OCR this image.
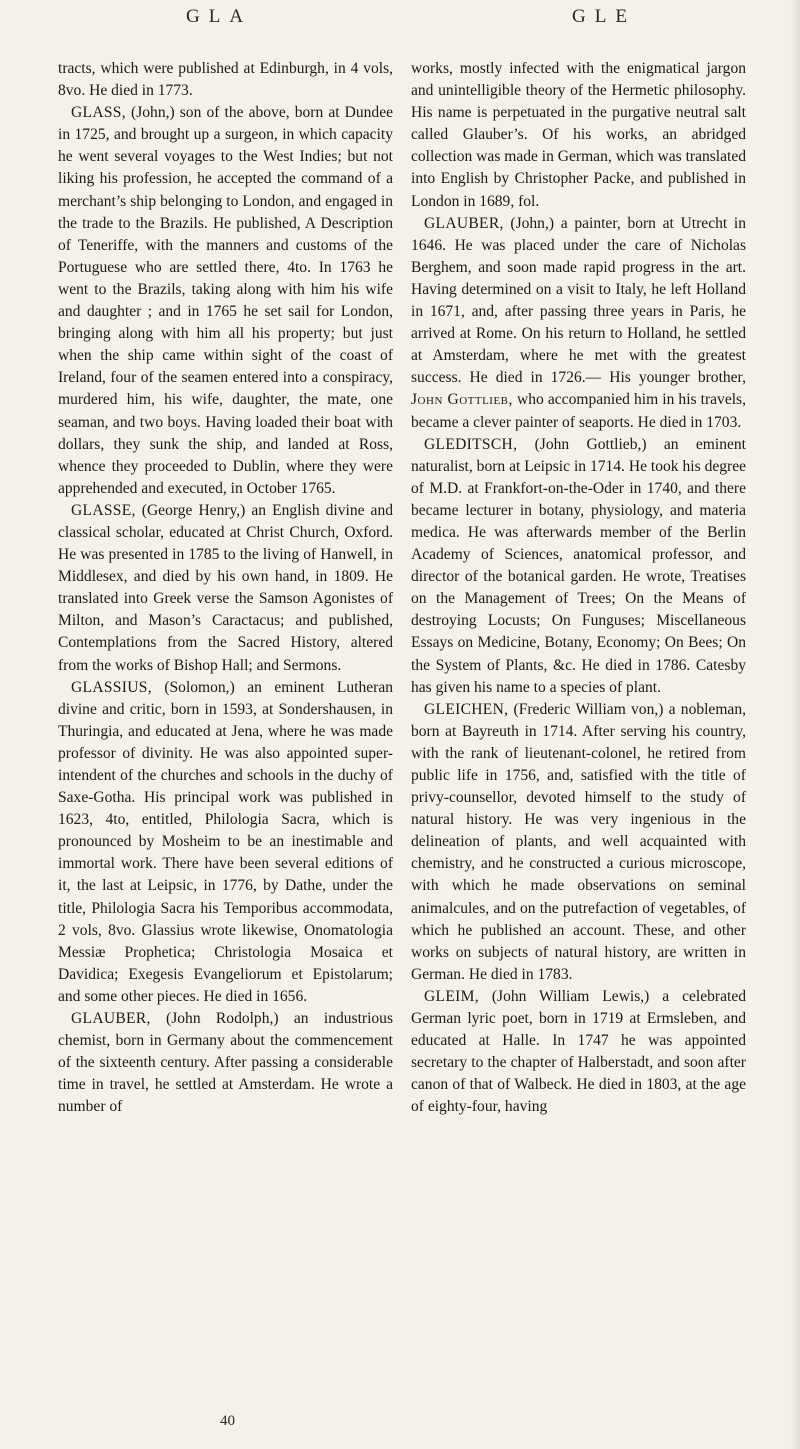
GLA	GLE

tracts, which were published at Edinburgh, in 4 vols, 8vo. He died in 1773.

GLASS, (John,) son of the above, born at Dundee in 1725, and brought up a surgeon, in which capacity he went several voyages to the West Indies; but not liking his profession, he accepted the command of a merchant’s ship belonging to London, and engaged in the trade to the Brazils. He published, A Description of Teneriffe, with the manners and customs of the Portuguese who are settled there, 4to. In 1763 he went to the Brazils, taking along with him his wife and daughter ; and in 1765 he set sail for London, bringing along with him all his property; but just when the ship came within sight of the coast of Ireland, four of the seamen entered into a conspiracy, murdered him, his wife, daughter, the mate, one seaman, and two boys. Having loaded their boat with dollars, they sunk the ship, and landed at Ross, whence they proceeded to Dublin, where they were apprehended and executed, in October 1765.

GLASSE, (George Henry,) an English divine and classical scholar, educated at Christ Church, Oxford. He was presented in 1785 to the living of Hanwell, in Middlesex, and died by his own hand, in 1809. He translated into Greek verse the Samson Agonistes of Milton, and Mason’s Caractacus; and published, Contemplations from the Sacred History, altered from the works of Bishop Hall; and Sermons.

GLASSIUS, (Solomon,) an eminent Lutheran divine and critic, born in 1593, at Sondershausen, in Thuringia, and educated at Jena, where he was made professor of divinity. He was also appointed super-intendent of the churches and schools in the duchy of Saxe-Gotha. His principal work was published in 1623, 4to, entitled, Philologia Sacra, which is pronounced by Mosheim to be an inestimable and immortal work. There have been several editions of it, the last at Leipsic, in 1776, by Dathe, under the title, Philologia Sacra his Temporibus accommodata, 2 vols, 8vo. Glassius wrote likewise, Onomatologia Messiæ Prophetica; Christologia Mosaica et Davidica; Exegesis Evangeliorum et Epistolarum; and some other pieces. He died in 1656.

GLAUBER, (John Rodolph,) an industrious chemist, born in Germany about the commencement of the sixteenth century. After passing a considerable time in travel, he settled at Amsterdam. He wrote a number of

works, mostly infected with the enigmatical jargon and unintelligible theory of the Hermetic philosophy. His name is perpetuated in the purgative neutral salt called Glauber’s. Of his works, an abridged collection was made in German, which was translated into English by Christopher Packe, and published in London in 1689, fol.

GLAUBER, (John,) a painter, born at Utrecht in 1646. He was placed under the care of Nicholas Berghem, and soon made rapid progress in the art. Having determined on a visit to Italy, he left Holland in 1671, and, after passing three years in Paris, he arrived at Rome. On his return to Holland, he settled at Amsterdam, where he met with the greatest success. He died in 1726.— His younger brother, John Gottlieb, who accompanied him in his travels, became a clever painter of seaports. He died in 1703.

GLEDITSCH, (John Gottlieb,) an eminent naturalist, born at Leipsic in 1714. He took his degree of M.D. at Frankfort-on-the-Oder in 1740, and there became lecturer in botany, physiology, and materia medica. He was afterwards member of the Berlin Academy of Sciences, anatomical professor, and director of the botanical garden. He wrote, Treatises on the Management of Trees; On the Means of destroying Locusts; On Funguses; Miscellaneous Essays on Medicine, Botany, Economy; On Bees; On the System of Plants, &c. He died in 1786. Catesby has given his name to a species of plant.

GLEICHEN, (Frederic William von,) a nobleman, born at Bayreuth in 1714. After serving his country, with the rank of lieutenant-colonel, he retired from public life in 1756, and, satisfied with the title of privy-counsellor, devoted himself to the study of natural history. He was very ingenious in the delineation of plants, and well acquainted with chemistry, and he constructed a curious microscope, with which he made observations on seminal animalcules, and on the putrefaction of vegetables, of which he published an account. These, and other works on subjects of natural history, are written in German. He died in 1783.

GLEIM, (John William Lewis,) a celebrated German lyric poet, born in 1719 at Ermsleben, and educated at Halle. In 1747 he was appointed secretary to the chapter of Halberstadt, and soon after canon of that of Walbeck. He died in 1803, at the age of eighty-four, having

40
